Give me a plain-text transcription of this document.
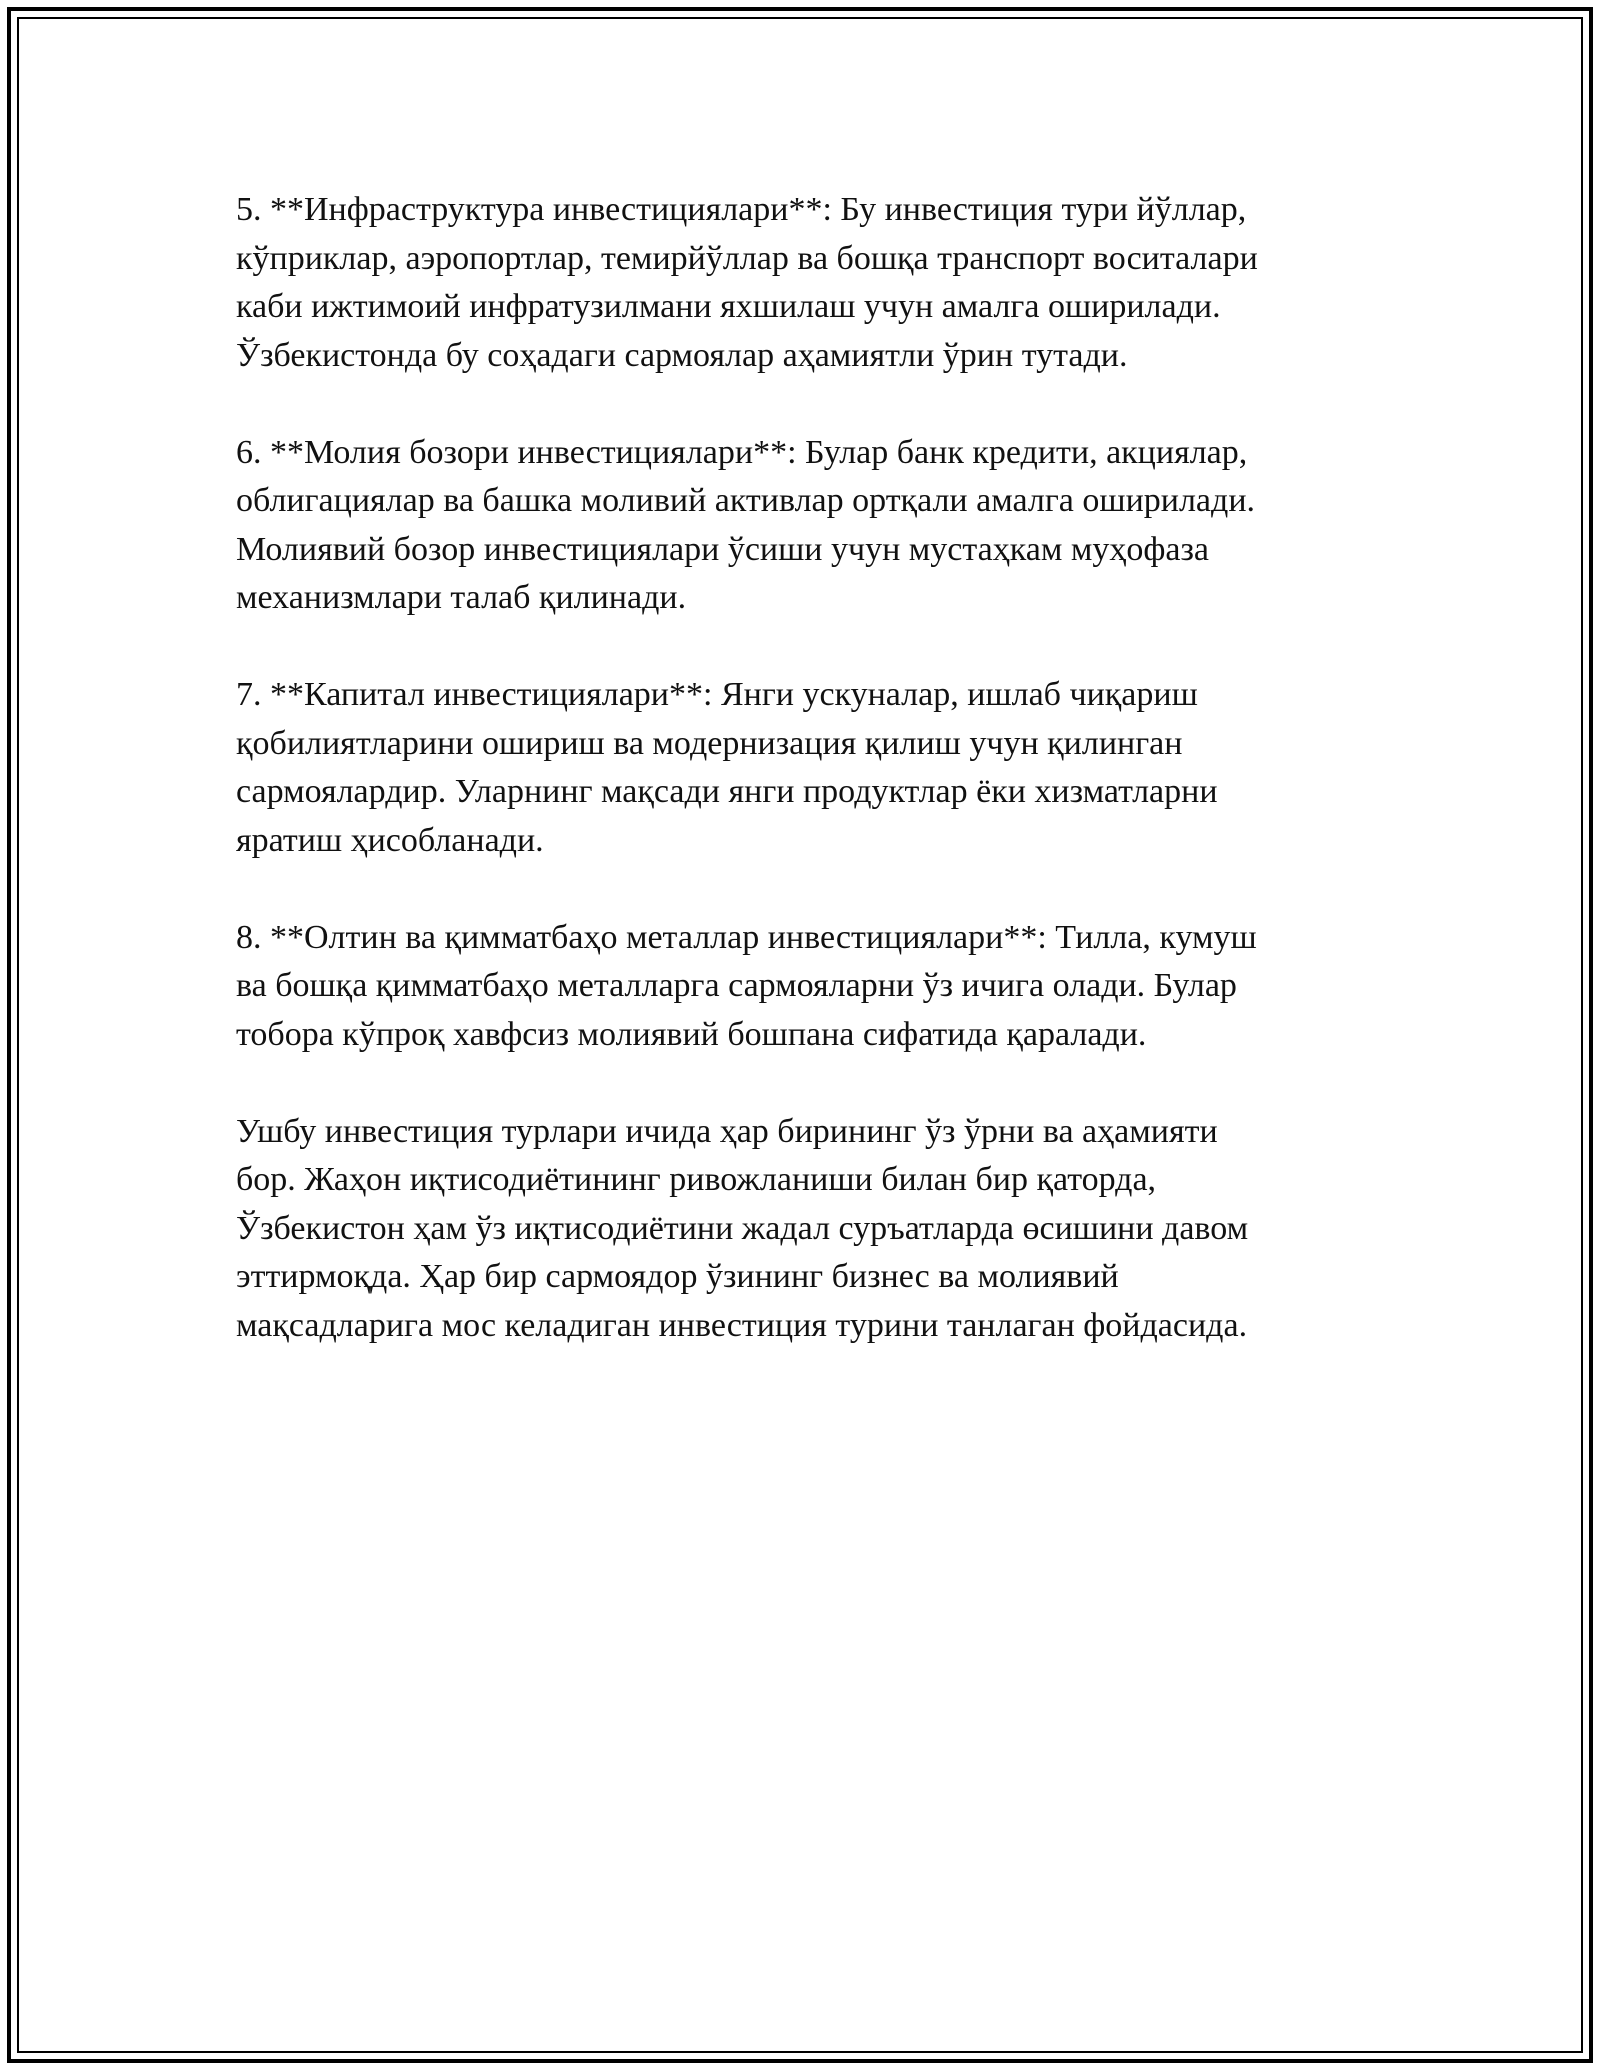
5. **Инфраструктура инвестициялари**: Бу инвестиция тури йўллар,
кўприклар, аэропортлар, темирйўллар ва бошқа транспорт воситалари
каби ижтимоий инфратузилмани яхшилаш учун амалга оширилади.
Ўзбекистонда бу соҳадаги сармоялар аҳамиятли ўрин тутади.

6. **Молия бозори инвестициялари**: Булар банк кредити, акциялар,
облигациялар ва башка моливий активлар ортқали амалга оширилади.
Молиявий бозор инвестициялари ўсиши учун мустаҳкам муҳофаза
механизмлари талаб қилинади.

7. **Капитал инвестициялари**: Янги ускуналар, ишлаб чиқариш
қобилиятларини ошириш ва модернизация қилиш учун қилинган
сармоялардир. Уларнинг мақсади янги продуктлар ёки хизматларни
яратиш ҳисобланади.

8. **Олтин ва қимматбаҳо металлар инвестициялари**: Тилла, кумуш
ва бошқа қимматбаҳо металларга сармояларни ўз ичига олади. Булар
тобора кўпроқ хавфсиз молиявий бошпана сифатида қаралади.

Ушбу инвестиция турлари ичида ҳар бирининг ўз ўрни ва аҳамияти
бор. Жаҳон иқтисодиётининг ривожланиши билан бир қаторда,
Ўзбекистон ҳам ўз иқтисодиётини жадал суръатларда өсишини давом
эттирмоқда. Ҳар бир сармоядор ўзининг бизнес ва молиявий
мақсадларига мос келадиган инвестиция турини танлаган фойдасида.
